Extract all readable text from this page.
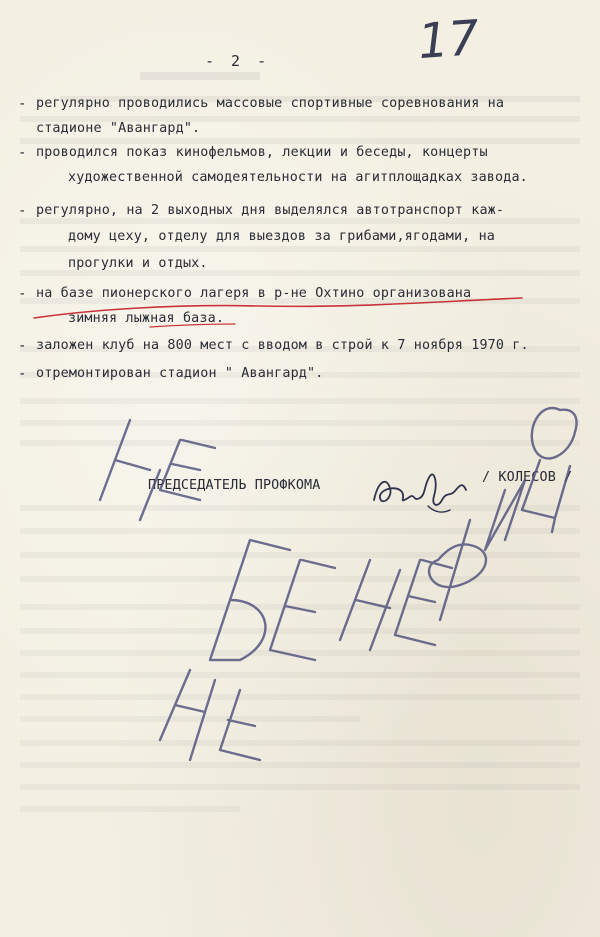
17
- 2 -
- регулярно проводились массовые спортивные соревнования на
стадионе "Авангард".
- проводился показ кинофельмов, лекции и беседы, концерты
художественной самодеятельности на агитплощадках завода.
- регулярно, на 2 выходных дня выделялся автотранспорт каж-
дому цеху, отделу для выездов за грибами,ягодами, на
прогулки и отдых.
- на базе пионерского лагеря в р-не Охтино организована
зимняя лыжная база.
- заложен клуб на 800 мест с вводом в строй к 7 ноября 1970 г.
- отремонтирован стадион " Авангард".
ПРЕДСЕДАТЕЛЬ ПРОФКОМА
/ КОЛЕСОВ /
